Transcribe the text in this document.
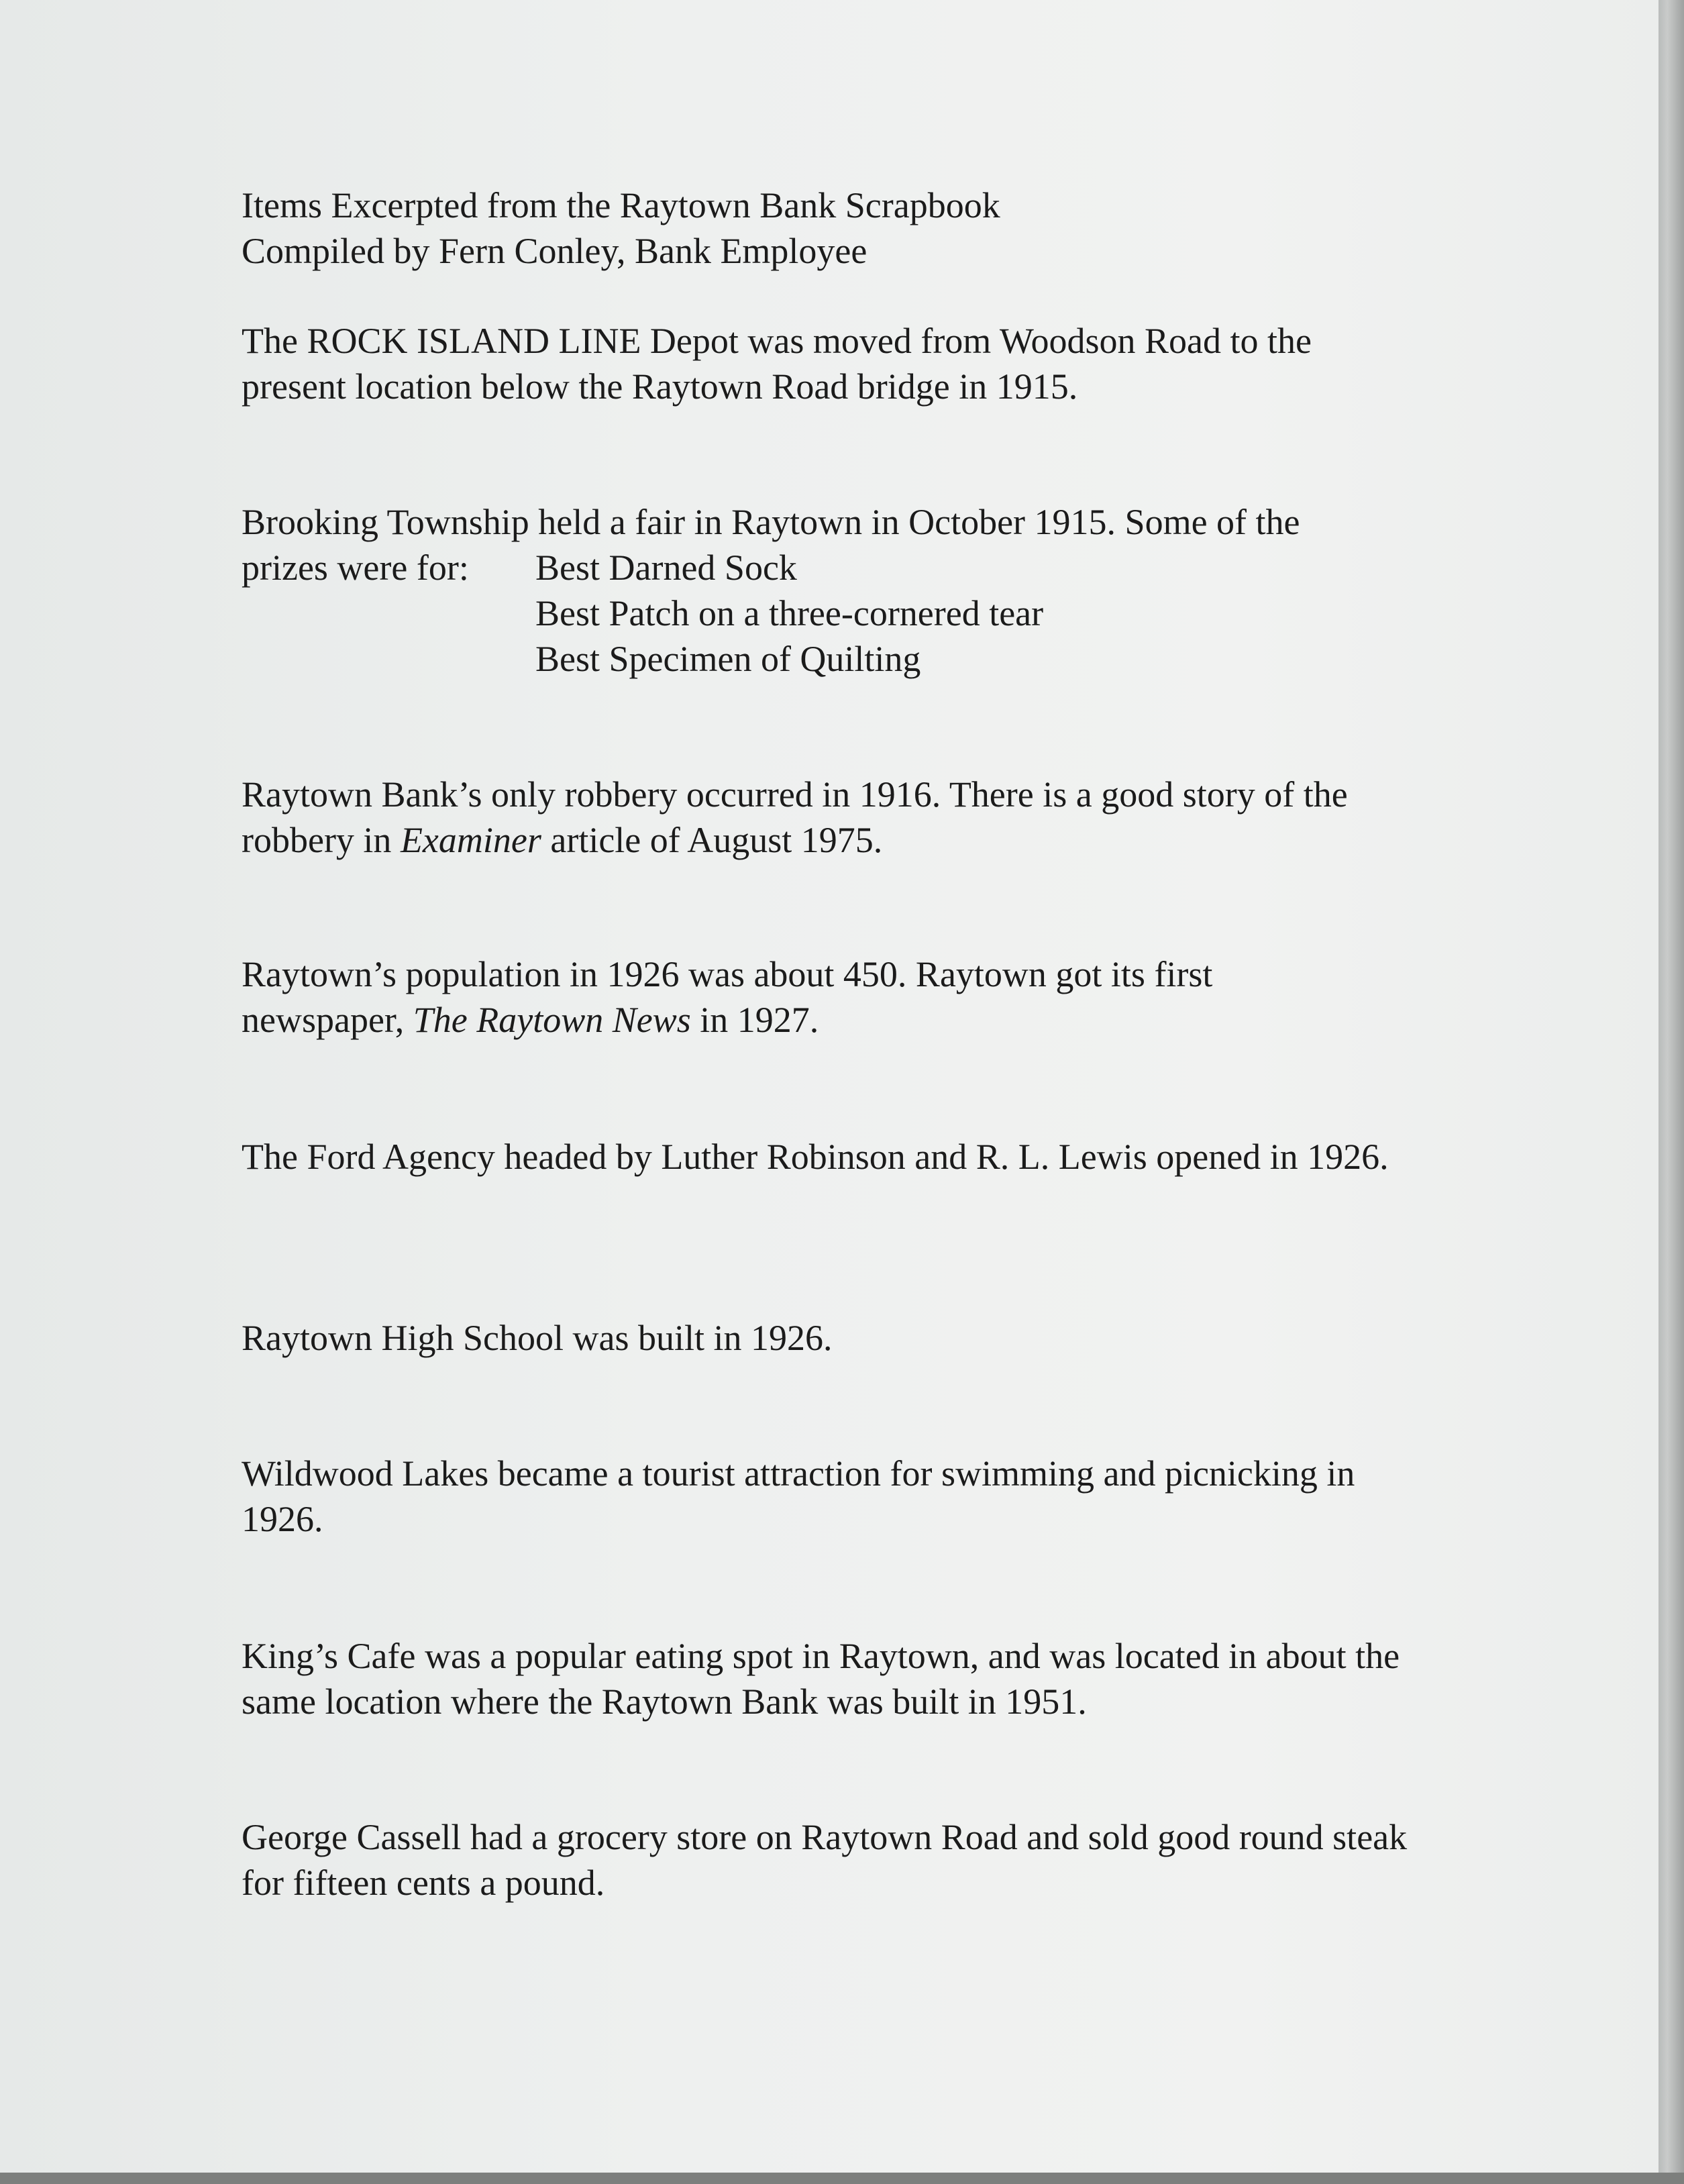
Items Excerpted from the Raytown Bank Scrapbook

Compiled by Fern Conley, Bank Employee

The ROCK ISLAND LINE Depot was moved from Woodson Road to the present location below the Raytown Road bridge in 1915.

Brooking Township held a fair in Raytown in October 1915. Some of the

prizes were for: Best Darned Sock

Best Patch on a three-cornered tear

Best Specimen of Quilting

Raytown Bank’s only robbery occurred in 1916. There is a good story of the robbery in Examiner article of August 1975.

Raytown’s population in 1926 was about 450. Raytown got its first newspaper, The Raytown News in 1927.

The Ford Agency headed by Luther Robinson and R. L. Lewis opened in 1926.

Raytown High School was built in 1926.

Wildwood Lakes became a tourist attraction for swimming and picnicking in 1926.

King’s Cafe was a popular eating spot in Raytown, and was located in about the same location where the Raytown Bank was built in 1951.

George Cassell had a grocery store on Raytown Road and sold good round steak for fifteen cents a pound.
